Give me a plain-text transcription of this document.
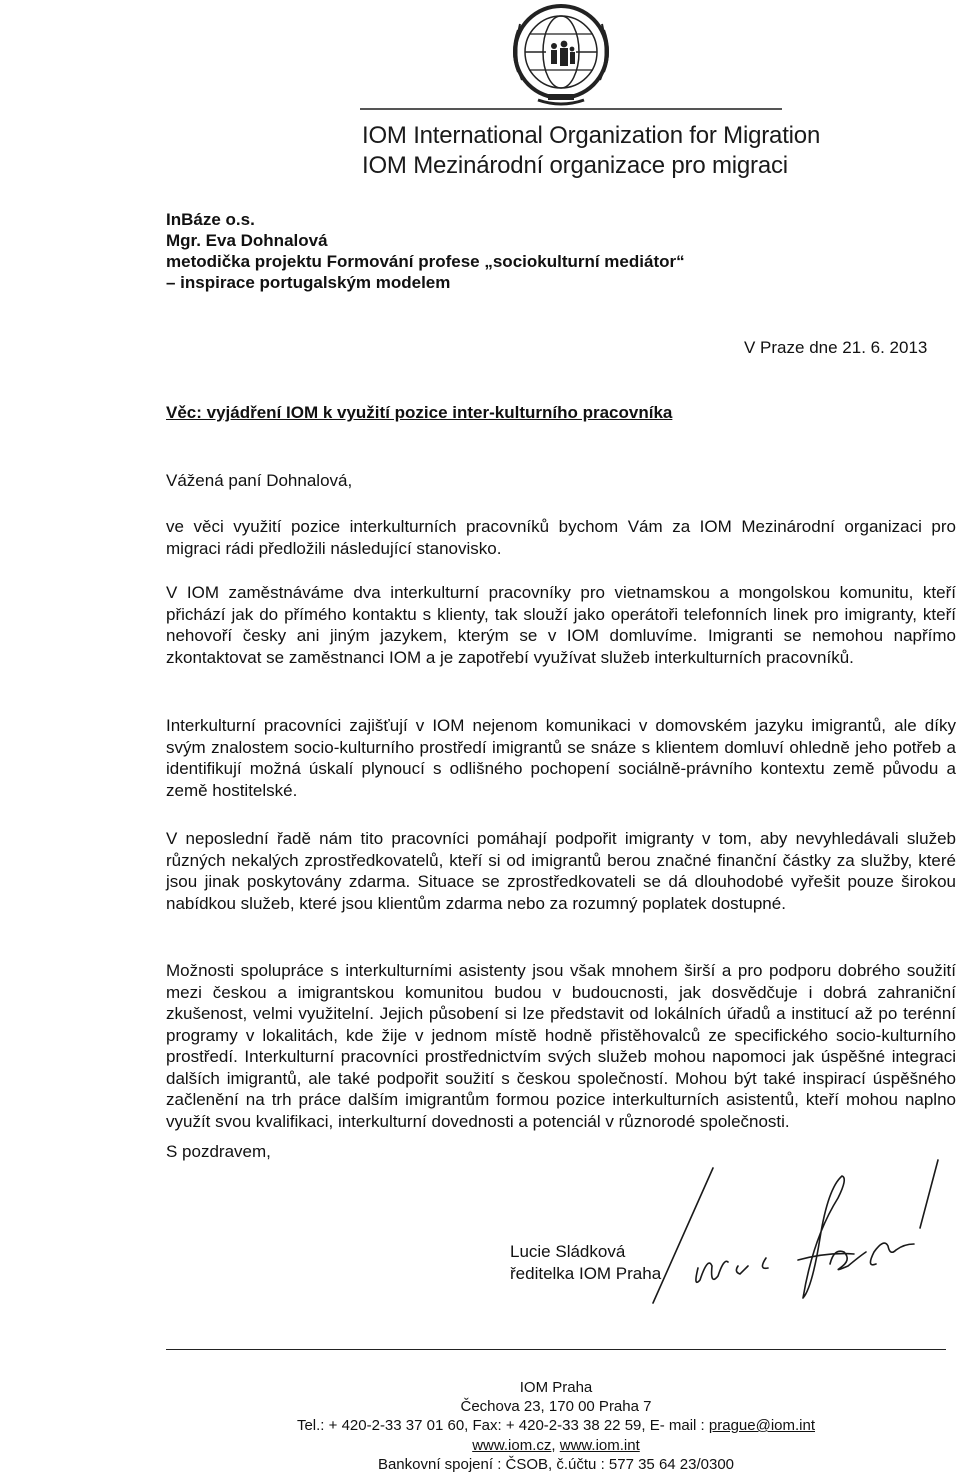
IOM International Organization for Migration
IOM Mezinárodní organizace pro migraci
InBáze o.s.
Mgr. Eva Dohnalová
metodička projektu Formování profese „sociokulturní mediátor“
– inspirace portugalským modelem
V Praze dne 21. 6. 2013
Věc: vyjádření IOM k využití pozice inter-kulturního pracovníka
Vážená paní Dohnalová,

ve věci využití pozice interkulturních pracovníků bychom Vám za IOM Mezinárodní organizaci pro migraci rádi předložili následující stanovisko.

V IOM zaměstnáváme dva interkulturní pracovníky pro vietnamskou a mongolskou komunitu, kteří přichází jak do přímého kontaktu s klienty, tak slouží jako operátoři telefonních linek pro imigranty, kteří nehovoří česky ani jiným jazykem, kterým se v IOM domluvíme. Imigranti se nemohou napřímo zkontaktovat se zaměstnanci IOM a je zapotřebí využívat služeb interkulturních pracovníků.

Interkulturní pracovníci zajišťují v IOM nejenom komunikaci v domovském jazyku imigrantů, ale díky svým znalostem socio-kulturního prostředí imigrantů se snáze s klientem domluví ohledně jeho potřeb a identifikují možná úskalí plynoucí s odlišného pochopení sociálně-právního kontextu země původu a země hostitelské.

V neposlední řadě nám tito pracovníci pomáhají podpořit imigranty v tom, aby nevyhledávali služeb různých nekalých zprostředkovatelů, kteří si od imigrantů berou značné finanční částky za služby, které jsou jinak poskytovány zdarma. Situace se zprostředkovateli se dá dlouhodobé vyřešit pouze širokou nabídkou služeb, které jsou klientům zdarma nebo za rozumný poplatek dostupné.

Možnosti spolupráce s interkulturními asistenty jsou však mnohem širší a pro podporu dobrého soužití mezi českou a imigrantskou komunitou budou v budoucnosti, jak dosvědčuje i dobrá zahraniční zkušenost, velmi využitelní. Jejich působení si lze představit od lokálních úřadů a institucí až po terénní programy v lokalitách, kde žije v jednom místě hodně přistěhovalců ze specifického socio-kulturního prostředí. Interkulturní pracovníci prostřednictvím svých služeb mohou napomoci jak úspěšné integraci dalších imigrantů, ale také podpořit soužití s českou společností. Mohou být také inspirací úspěšného začlenění na trh práce dalším imigrantům formou pozice interkulturních asistentů, kteří mohou naplno využít svou kvalifikaci, interkulturní dovednosti a potenciál v různorodé společnosti.

S pozdravem,
Lucie Sládková
ředitelka IOM Praha
IOM Praha
Čechova 23, 170 00 Praha 7
Tel.: + 420-2-33 37 01 60, Fax: + 420-2-33 38 22 59, E- mail : prague@iom.int
www.iom.cz, www.iom.int
Bankovní spojení : ČSOB, č.účtu : 577 35 64 23/0300
